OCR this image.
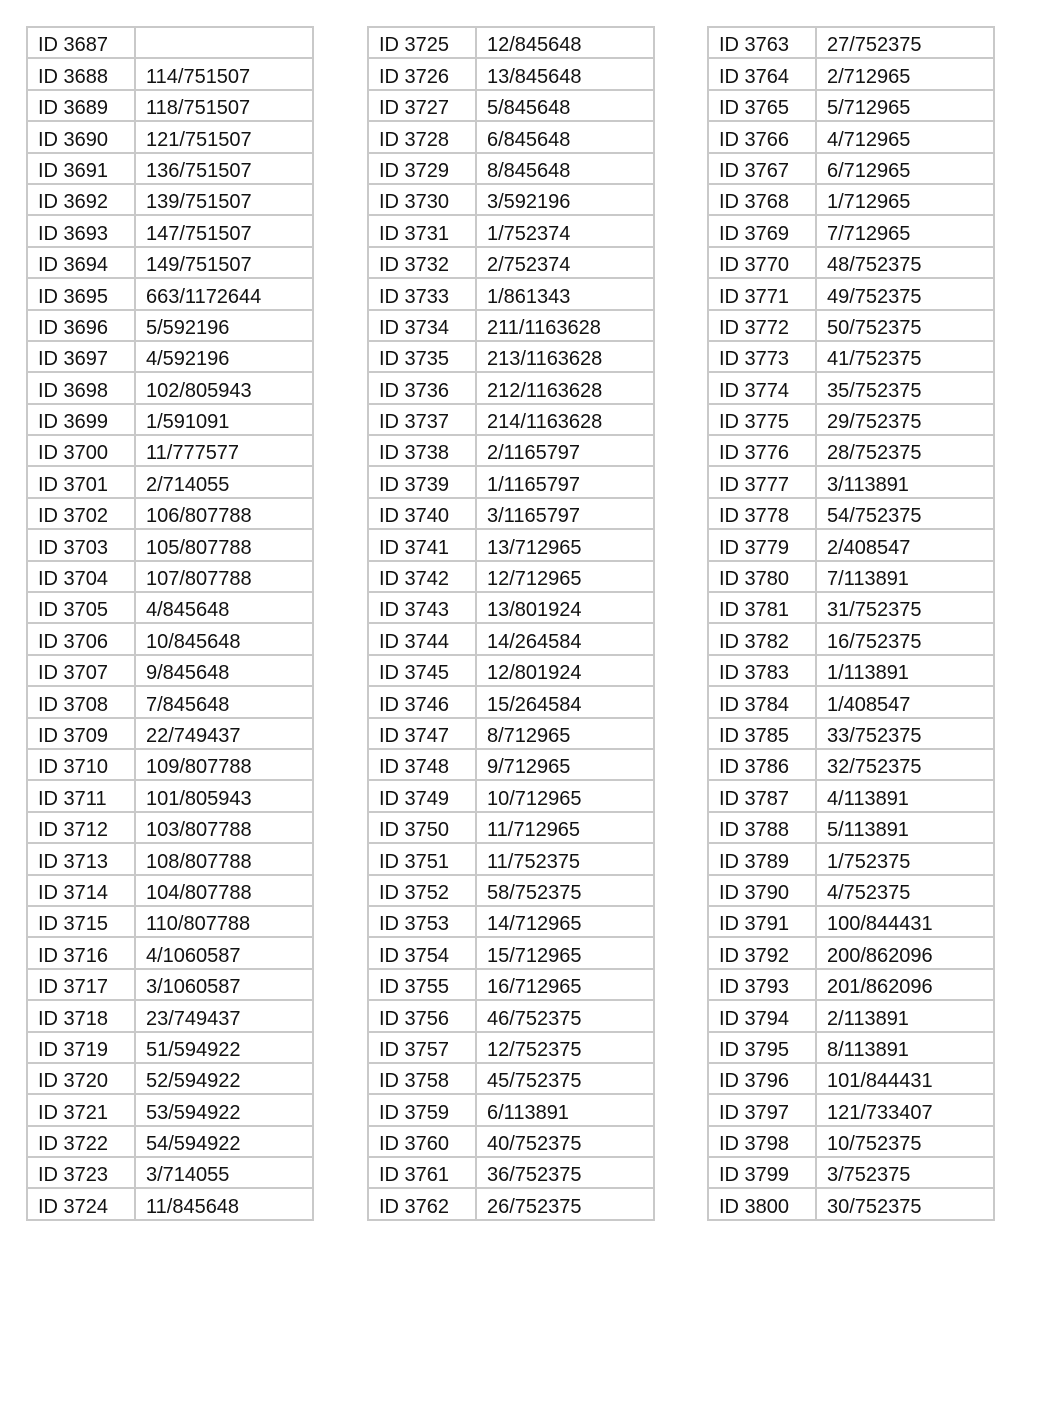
ID 3687	
ID 3688	114/751507
ID 3689	118/751507
ID 3690	121/751507
ID 3691	136/751507
ID 3692	139/751507
ID 3693	147/751507
ID 3694	149/751507
ID 3695	663/1172644
ID 3696	5/592196
ID 3697	4/592196
ID 3698	102/805943
ID 3699	1/591091
ID 3700	11/777577
ID 3701	2/714055
ID 3702	106/807788
ID 3703	105/807788
ID 3704	107/807788
ID 3705	4/845648
ID 3706	10/845648
ID 3707	9/845648
ID 3708	7/845648
ID 3709	22/749437
ID 3710	109/807788
ID 3711	101/805943
ID 3712	103/807788
ID 3713	108/807788
ID 3714	104/807788
ID 3715	110/807788
ID 3716	4/1060587
ID 3717	3/1060587
ID 3718	23/749437
ID 3719	51/594922
ID 3720	52/594922
ID 3721	53/594922
ID 3722	54/594922
ID 3723	3/714055
ID 3724	11/845648
ID 3725	12/845648
ID 3726	13/845648
ID 3727	5/845648
ID 3728	6/845648
ID 3729	8/845648
ID 3730	3/592196
ID 3731	1/752374
ID 3732	2/752374
ID 3733	1/861343
ID 3734	211/1163628
ID 3735	213/1163628
ID 3736	212/1163628
ID 3737	214/1163628
ID 3738	2/1165797
ID 3739	1/1165797
ID 3740	3/1165797
ID 3741	13/712965
ID 3742	12/712965
ID 3743	13/801924
ID 3744	14/264584
ID 3745	12/801924
ID 3746	15/264584
ID 3747	8/712965
ID 3748	9/712965
ID 3749	10/712965
ID 3750	11/712965
ID 3751	11/752375
ID 3752	58/752375
ID 3753	14/712965
ID 3754	15/712965
ID 3755	16/712965
ID 3756	46/752375
ID 3757	12/752375
ID 3758	45/752375
ID 3759	6/113891
ID 3760	40/752375
ID 3761	36/752375
ID 3762	26/752375
ID 3763	27/752375
ID 3764	2/712965
ID 3765	5/712965
ID 3766	4/712965
ID 3767	6/712965
ID 3768	1/712965
ID 3769	7/712965
ID 3770	48/752375
ID 3771	49/752375
ID 3772	50/752375
ID 3773	41/752375
ID 3774	35/752375
ID 3775	29/752375
ID 3776	28/752375
ID 3777	3/113891
ID 3778	54/752375
ID 3779	2/408547
ID 3780	7/113891
ID 3781	31/752375
ID 3782	16/752375
ID 3783	1/113891
ID 3784	1/408547
ID 3785	33/752375
ID 3786	32/752375
ID 3787	4/113891
ID 3788	5/113891
ID 3789	1/752375
ID 3790	4/752375
ID 3791	100/844431
ID 3792	200/862096
ID 3793	201/862096
ID 3794	2/113891
ID 3795	8/113891
ID 3796	101/844431
ID 3797	121/733407
ID 3798	10/752375
ID 3799	3/752375
ID 3800	30/752375
